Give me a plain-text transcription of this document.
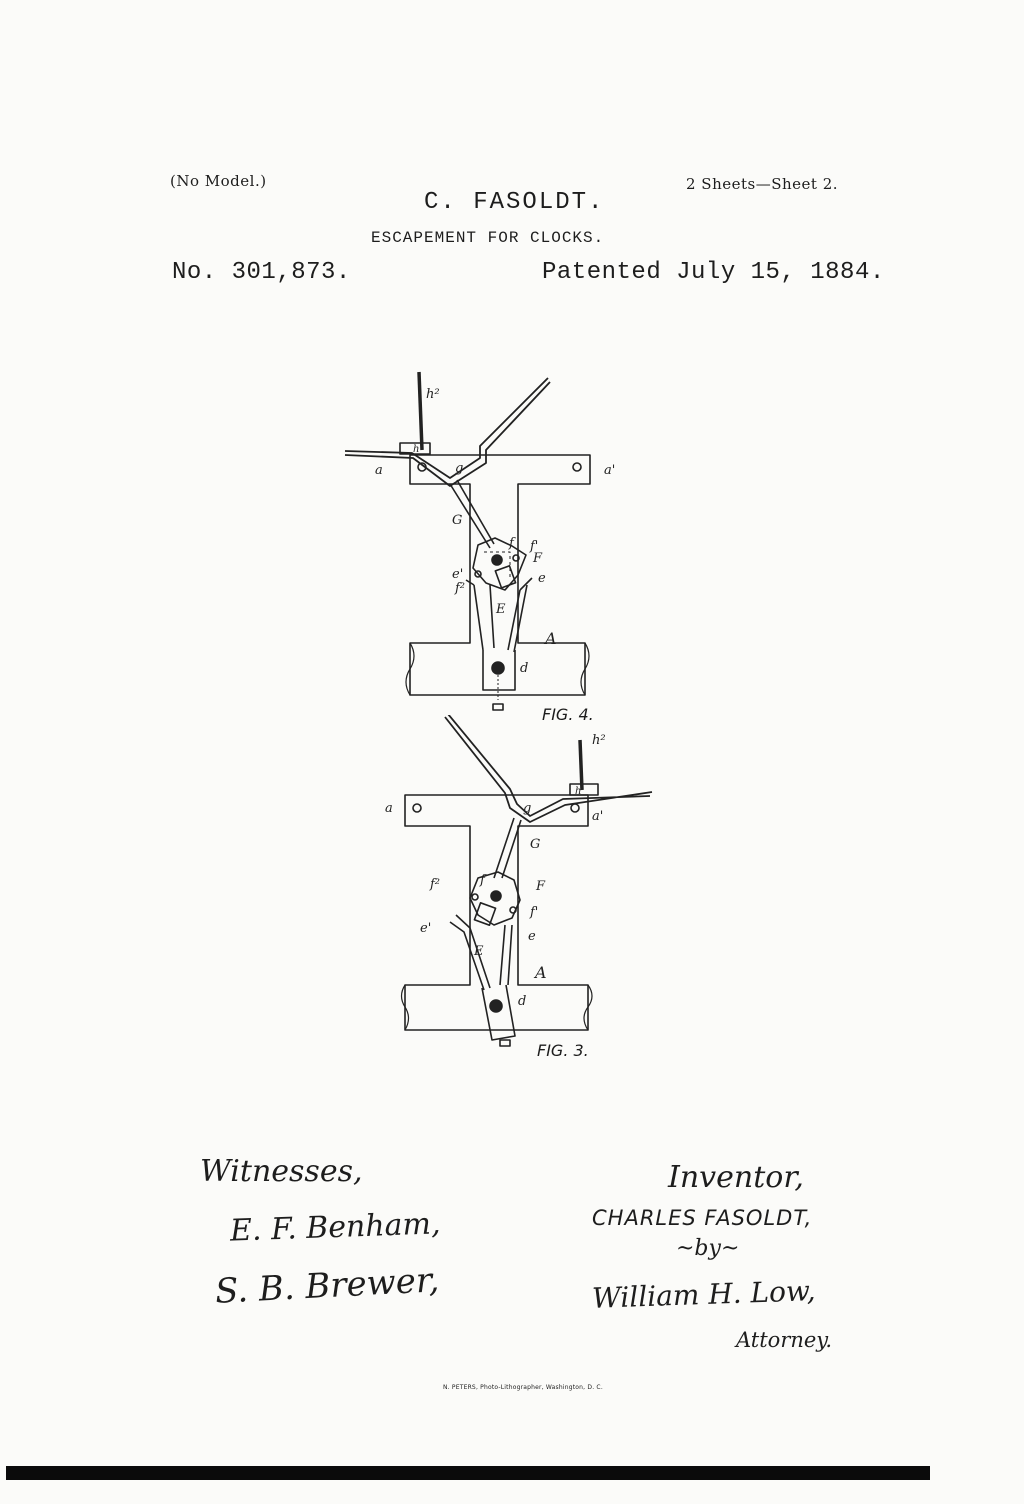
(No Model.)	2 Sheets—Sheet 2.
C. FASOLDT.
ESCAPEMENT FOR CLOCKS.
No. 301,873.	Patented July 15, 1884.
h²
h
a	g	a'
G
f f'
F
e'
f²
e
E
A
d
FIG. 4.
h²
h
a	g
a'
G
f²	f	F
f'
e'
e
E
A
d
FIG. 3.
Witnesses,
E. F. Benham,
S. B. Brewer,
Inventor,
CHARLES FASOLDT,
~by~
William H. Low,
Attorney.
N. PETERS, Photo-Lithographer, Washington, D. C.
